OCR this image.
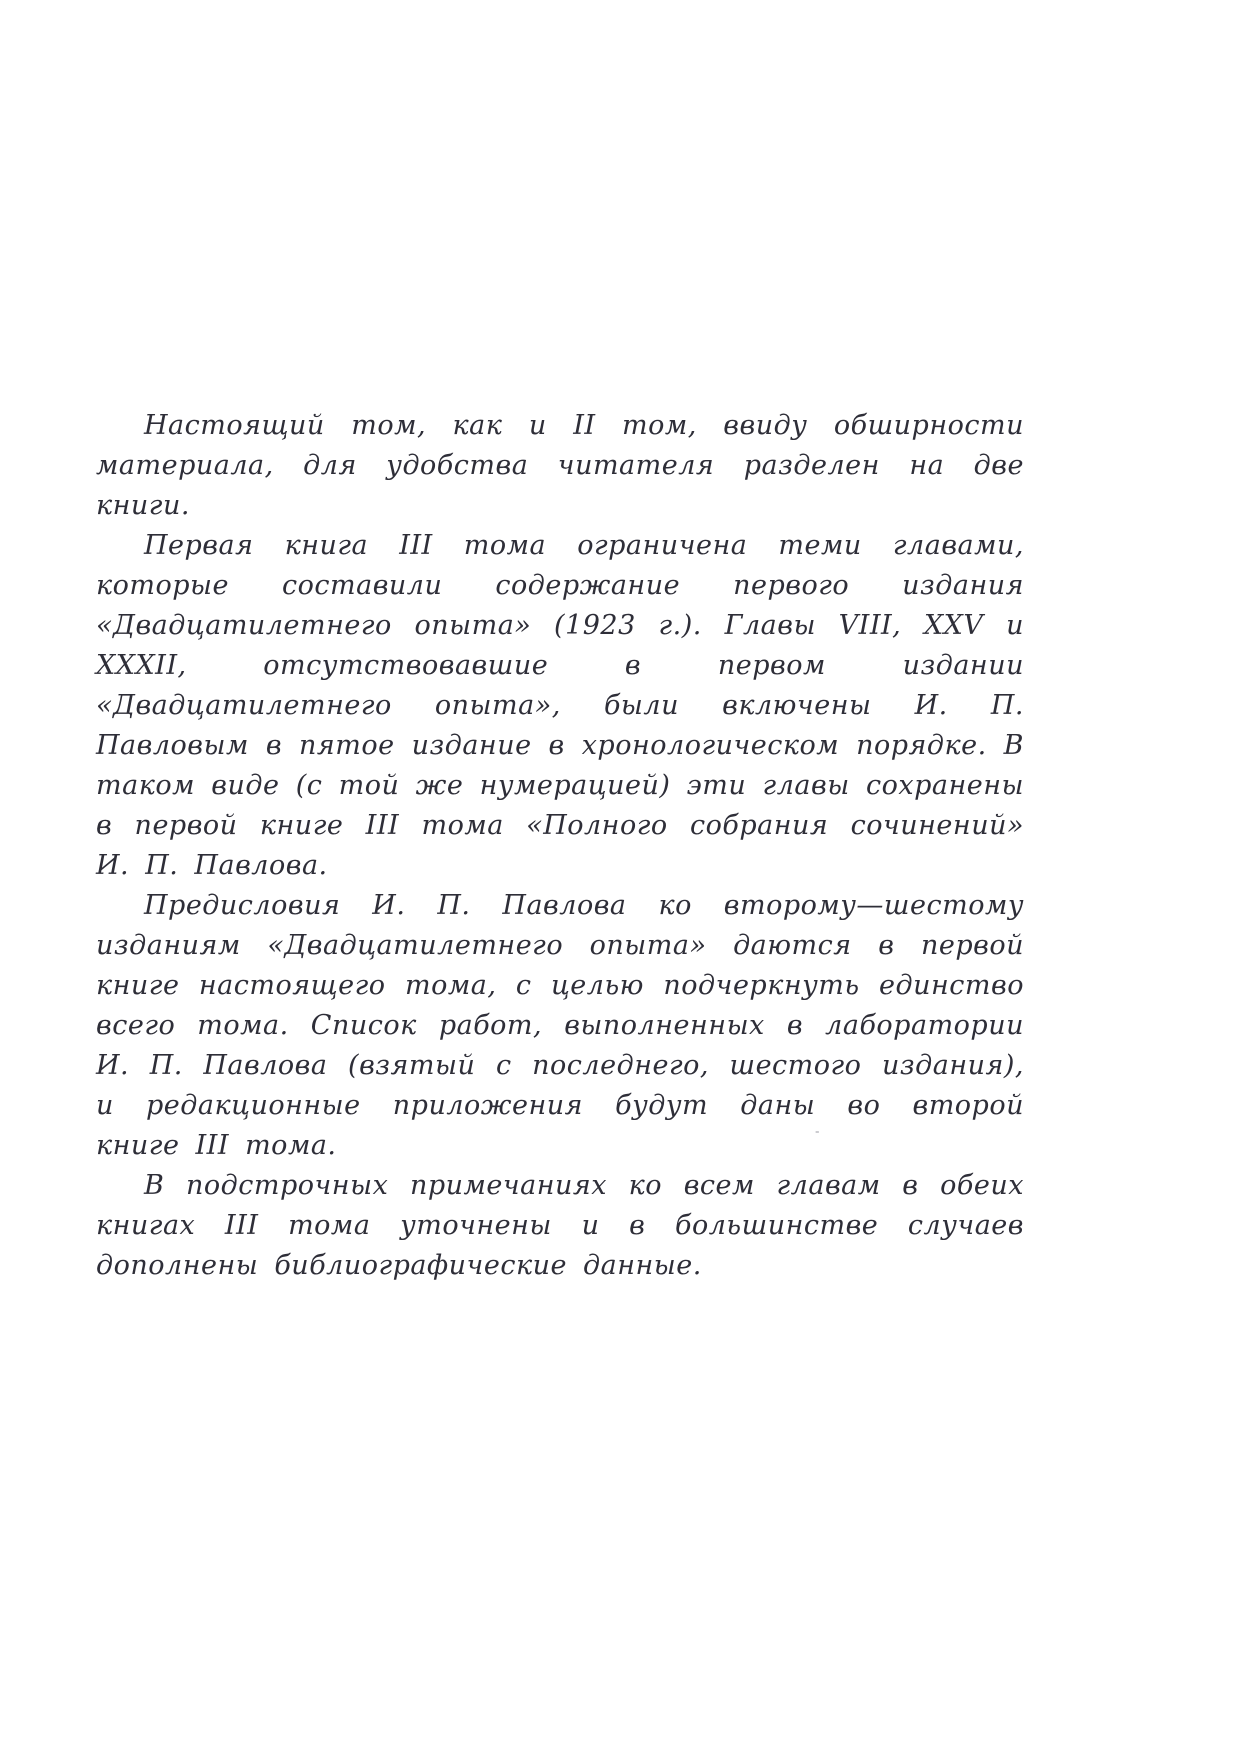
Настоящий том, как и II том, ввиду обширности материала, для удобства читателя разделен на две книги.

Первая книга III тома ограничена теми главами, которые составили содержание первого издания «Двадцатилетнего опыта» (1923 г.). Главы VIII, XXV и XXXII, отсутствовавшие в первом издании «Двадцатилетнего опыта», были включены И. П. Павловым в пятое издание в хронологическом порядке. В таком виде (с той же нумерацией) эти главы сохранены в первой книге III тома «Полного собрания сочинений» И. П. Павлова.

Предисловия И. П. Павлова ко второму—шестому изданиям «Двадцатилетнего опыта» даются в первой книге настоящего тома, с целью подчеркнуть единство всего тома. Список работ, выполненных в лаборатории И. П. Павлова (взятый с последнего, шестого издания), и редакционные приложения будут даны во второй книге III тома.

В подстрочных примечаниях ко всем главам в обеих книгах III тома уточнены и в большинстве случаев дополнены библиографические данные.

˗
